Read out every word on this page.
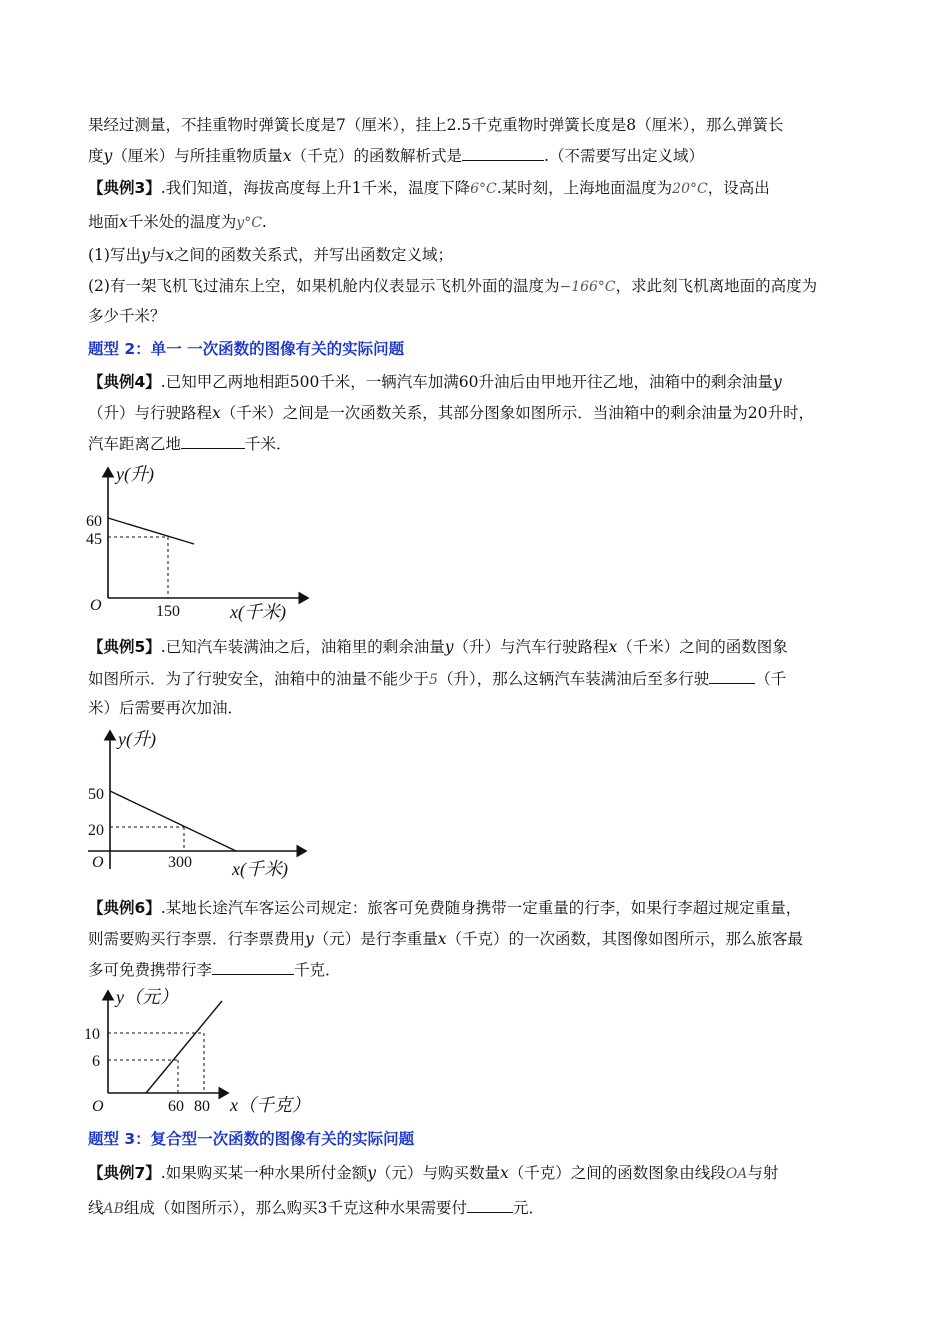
果经过测量，不挂重物时弹簧长度是7（厘米），挂上2.5千克重物时弹簧长度是8（厘米），那么弹簧长
度y（厘米）与所挂重物质量x（千克）的函数解析式是	.（不需要写出定义域）
【典例3】.我们知道，海拔高度每上升1千米，温度下降6°C.某时刻，上海地面温度为20°C，设高出
地面x千米处的温度为y°C.
(1)写出y与x之间的函数关系式，并写出函数定义域；
(2)有一架飞机飞过浦东上空，如果机舱内仪表显示飞机外面的温度为−166°C，求此刻飞机离地面的高度为
多少千米？
题型 2：单一 一次函数的图像有关的实际问题
【典例4】.已知甲乙两地相距500千米，一辆汽车加满60升油后由甲地开往乙地，油箱中的剩余油量y
（升）与行驶路程x（千米）之间是一次函数关系，其部分图象如图所示．当油箱中的剩余油量为20升时，
汽车距离乙地	千米．
y(升)
x(千米)
O
60
45
150
【典例5】.已知汽车装满油之后，油箱里的剩余油量y（升）与汽车行驶路程x（千米）之间的函数图象
如图所示．为了行驶安全，油箱中的油量不能少于5（升），那么这辆汽车装满油后至多行驶	（千
米）后需要再次加油．
y(升)
x(千米)
O
50
20
300
【典例6】.某地长途汽车客运公司规定：旅客可免费随身携带一定重量的行李，如果行李超过规定重量，
则需要购买行李票．行李票费用y（元）是行李重量x（千克）的一次函数，其图像如图所示，那么旅客最
多可免费携带行李	千克．
y（元）
x（千克）
O
10
6
60 80
题型 3：复合型一次函数的图像有关的实际问题
【典例7】.如果购买某一种水果所付金额y（元）与购买数量x（千克）之间的函数图象由线段OA与射
线AB组成（如图所示），那么购买3千克这种水果需要付	元．
